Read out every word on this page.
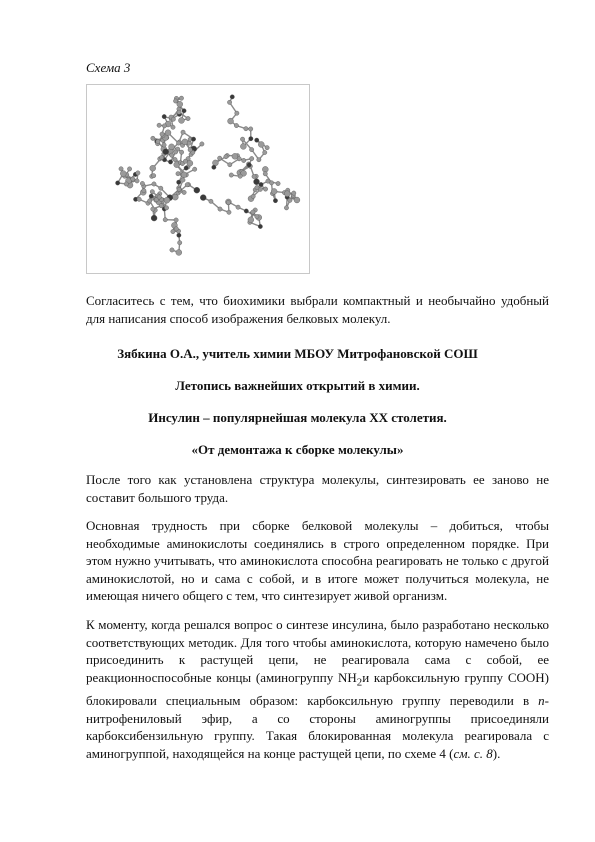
Схема 3

Согласитесь с тем, что биохимики выбрали компактный и необычайно удобный для написания способ изображения белковых молекул.

Зябкина О.А., учитель химии МБОУ Митрофановской СОШ

Летопись важнейших открытий в химии.

Инсулин – популярнейшая молекула XX столетия.

«От демонтажа к сборке молекулы»

После того как установлена структура молекулы, синтезировать ее заново не составит большого труда.

Основная трудность при сборке белковой молекулы – добиться, чтобы необходимые аминокислоты соединялись в строго определенном порядке. При этом нужно учитывать, что аминокислота способна реагировать не только с другой аминокислотой, но и сама с собой, и в итоге может получиться молекула, не имеющая ничего общего с тем, что синтезирует живой организм.

К моменту, когда решался вопрос о синтезе инсулина, было разработано несколько соответствующих методик. Для того чтобы аминокислота, которую намечено было присоединить к растущей цепи, не реагировала сама с собой, ее реакционноспособные концы (аминогруппу $NH_2и$ карбоксильную группу COOH) блокировали специальным образом: карбоксильную группу переводили в n-нитрофениловый эфир, а со стороны аминогруппы присоединяли карбоксибензильную группу. Такая блокированная молекула реагировала с аминогруппой, находящейся на конце растущей цепи, по схеме 4 (см. с. 8).
